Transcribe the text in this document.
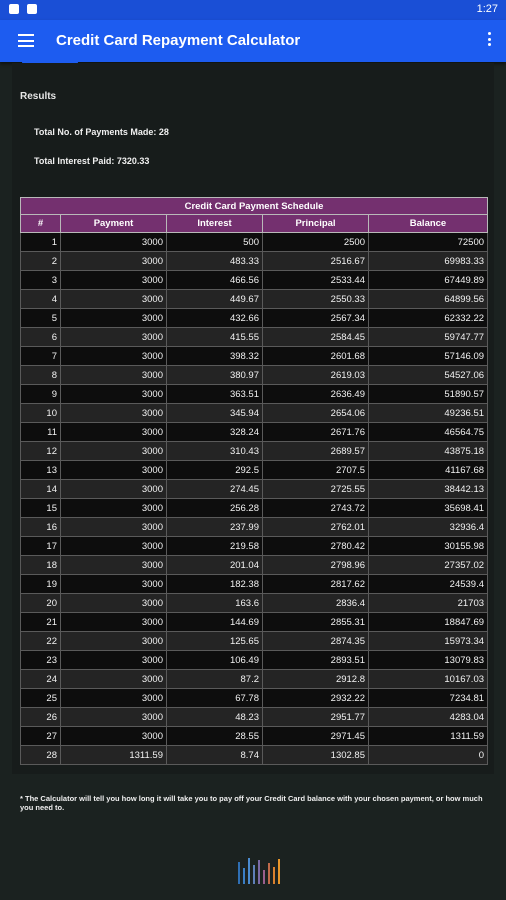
1:27
Credit Card Repayment Calculator
Results
Total No. of Payments Made: 28
Total Interest Paid: 7320.33
Credit Card Payment Schedule				
#	Payment	Interest	Principal	Balance
1	3000	500	2500	72500
2	3000	483.33	2516.67	69983.33
3	3000	466.56	2533.44	67449.89
4	3000	449.67	2550.33	64899.56
5	3000	432.66	2567.34	62332.22
6	3000	415.55	2584.45	59747.77
7	3000	398.32	2601.68	57146.09
8	3000	380.97	2619.03	54527.06
9	3000	363.51	2636.49	51890.57
10	3000	345.94	2654.06	49236.51
11	3000	328.24	2671.76	46564.75
12	3000	310.43	2689.57	43875.18
13	3000	292.5	2707.5	41167.68
14	3000	274.45	2725.55	38442.13
15	3000	256.28	2743.72	35698.41
16	3000	237.99	2762.01	32936.4
17	3000	219.58	2780.42	30155.98
18	3000	201.04	2798.96	27357.02
19	3000	182.38	2817.62	24539.4
20	3000	163.6	2836.4	21703
21	3000	144.69	2855.31	18847.69
22	3000	125.65	2874.35	15973.34
23	3000	106.49	2893.51	13079.83
24	3000	87.2	2912.8	10167.03
25	3000	67.78	2932.22	7234.81
26	3000	48.23	2951.77	4283.04
27	3000	28.55	2971.45	1311.59
28	1311.59	8.74	1302.85	0
* The Calculator will tell you how long it will take you to pay off your Credit Card balance with your chosen payment, or how much you need to.
